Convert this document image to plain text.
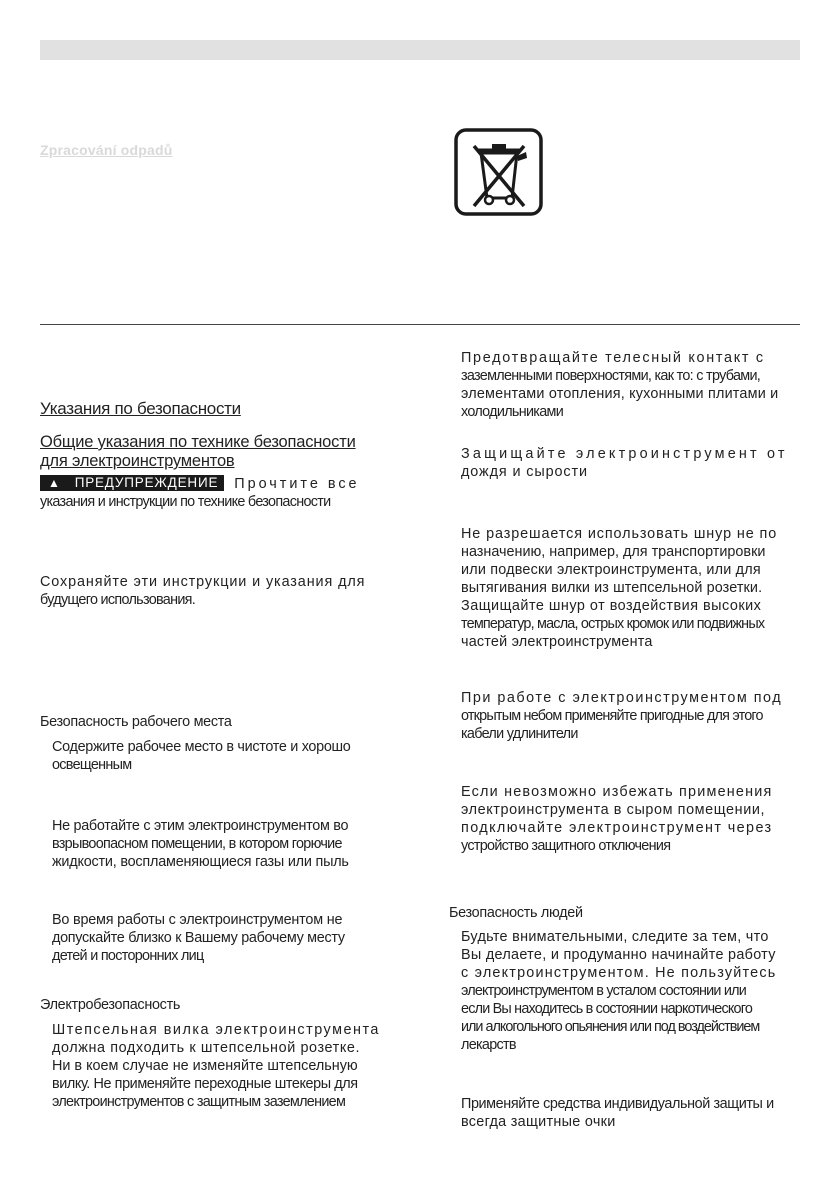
Zpracování odpadů
Указания по безопасности
Общие указания по технике безопасности
для электроинструментов

▲ ПРЕДУПРЕЖДЕНИЕ Прочтите все

указания и инструкции по технике безопасности

Сохраняйте эти инструкции и указания для

будущего использования.

Безопасность рабочего места

Содержите рабочее место в чистоте и хорошо

освещенным

Не работайте с этим электроинструментом во

взрывоопасном помещении, в котором горючие

жидкости, воспламеняющиеся газы или пыль

Во время работы с электроинструментом не

допускайте близко к Вашему рабочему месту

детей и посторонних лиц

Электробезопасность

Штепсельная вилка электроинструмента

должна подходить к штепсельной розетке.

Ни в коем случае не изменяйте штепсельную

вилку. Не применяйте переходные штекеры для

электроинструментов с защитным заземлением

Предотвращайте телесный контакт с

заземленными поверхностями, как то: с трубами,

элементами отопления, кухонными плитами и

холодильниками

Защищайте электроинструмент от

дождя и сырости

Не разрешается использовать шнур не по

назначению, например, для транспортировки

или подвески электроинструмента, или для

вытягивания вилки из штепсельной розетки.

Защищайте шнур от воздействия высоких

температур, масла, острых кромок или подвижных

частей электроинструмента

При работе с электроинструментом под

открытым небом применяйте пригодные для этого

кабели удлинители

Если невозможно избежать применения

электроинструмента в сыром помещении,

подключайте электроинструмент через

устройство защитного отключения

Безопасность людей

Будьте внимательными, следите за тем, что

Вы делаете, и продуманно начинайте работу

с электроинструментом. Не пользуйтесь

электроинструментом в усталом состоянии или

если Вы находитесь в состоянии наркотического

или алкогольного опьянения или под воздействием

лекарств

Применяйте средства индивидуальной защиты и

всегда защитные очки
